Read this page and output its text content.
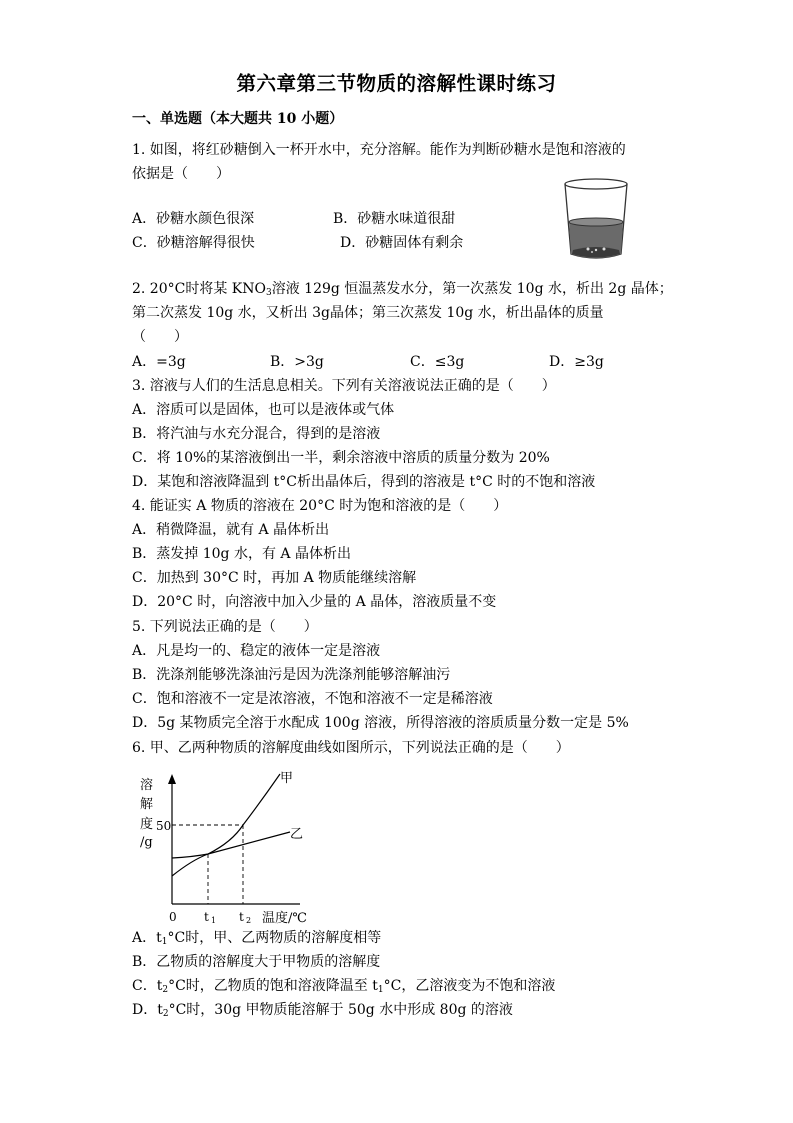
第六章第三节物质的溶解性课时练习
一、单选题（本大题共 10 小题）
1. 如图，将红砂糖倒入一杯开水中，充分溶解。能作为判断砂糖水是饱和溶液的
依据是（　　）
A．砂糖水颜色很深	B．砂糖水味道很甜
C．砂糖溶解得很快	D．砂糖固体有剩余
2. 20°C时将某 $KNO_3$溶液 129g 恒温蒸发水分，第一次蒸发 10g 水，析出 2g 晶体；
第二次蒸发 10g 水，又析出 3g晶体；第三次蒸发 10g 水，析出晶体的质量
（　　）
A．=3g	B．>3g	C．≤3g	D．≥3g
3. 溶液与人们的生活息息相关。下列有关溶液说法正确的是（　　）
A．溶质可以是固体，也可以是液体或气体
B．将汽油与水充分混合，得到的是溶液
C．将 10%的某溶液倒出一半，剩余溶液中溶质的质量分数为 20%
D．某饱和溶液降温到 t°C析出晶体后，得到的溶液是 t°C 时的不饱和溶液
4. 能证实 A 物质的溶液在 20°C 时为饱和溶液的是（　　）
A．稍微降温，就有 A 晶体析出
B．蒸发掉 10g 水，有 A 晶体析出
C．加热到 30°C 时，再加 A 物质能继续溶解
D．20°C 时，向溶液中加入少量的 A 晶体，溶液质量不变
5. 下列说法正确的是（　　）
A．凡是均一的、稳定的液体一定是溶液
B．洗涤剂能够洗涤油污是因为洗涤剂能够溶解油污
C．饱和溶液不一定是浓溶液，不饱和溶液不一定是稀溶液
D．5g 某物质完全溶于水配成 100g 溶液，所得溶液的溶质质量分数一定是 5%
6. 甲、乙两种物质的溶解度曲线如图所示，下列说法正确的是（　　）
溶
解
度
/g
50
0 t 1 t 2 温度/℃
甲
乙
A．$t_1^\circ C$时，甲、乙两物质的溶解度相等
B．乙物质的溶解度大于甲物质的溶解度
C．$t_2^\circ C$时，乙物质的饱和溶液降温至 $t_1^\circ C$，乙溶液变为不饱和溶液
D．$t_2^\circ C$时，30g 甲物质能溶解于 50g 水中形成 80g 的溶液
